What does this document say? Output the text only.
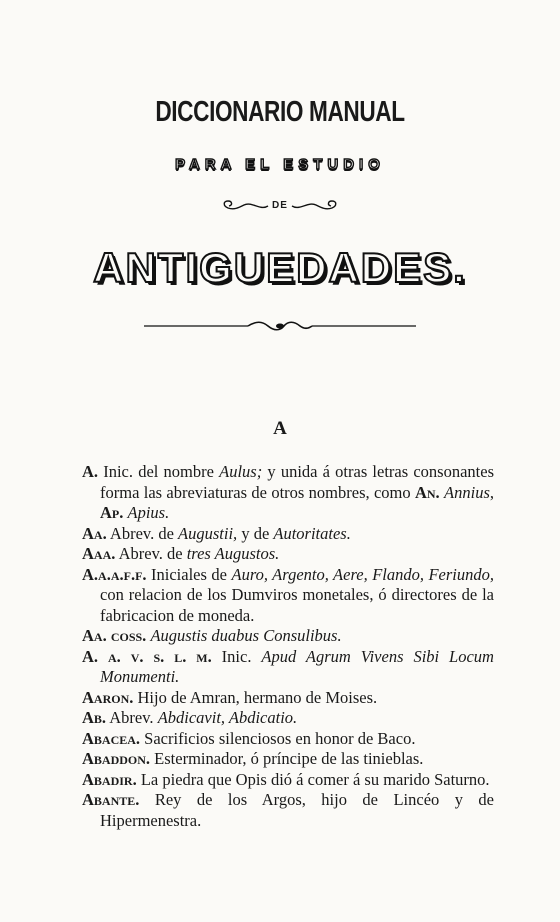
DICCIONARIO MANUAL
PARA EL ESTUDIO
DE
ANTIGUEDADES.
A

A. Inic. del nombre Aulus; y unida á otras letras consonantes forma las abreviaturas de otros nombres, como An. Annius, Ap. Apius.

Aa. Abrev. de Augustii, y de Autoritates.

Aaa. Abrev. de tres Augustos.

A.a.a.f.f. Iniciales de Auro, Argento, Aere, Flando, Feriundo, con relacion de los Dumviros monetales, ó directores de la fabricacion de moneda.

Aa. coss. Augustis duabus Consulibus.

A. a. v. s. l. m. Inic. Apud Agrum Vivens Sibi Locum Monumenti.

Aaron. Hijo de Amran, hermano de Moises.

Ab. Abrev. Abdicavit, Abdicatio.

Abacea. Sacrificios silenciosos en honor de Baco.

Abaddon. Esterminador, ó príncipe de las tinieblas.

Abadir. La piedra que Opis dió á comer á su marido Saturno.

Abante. Rey de los Argos, hijo de Lincéo y de Hipermenestra.
